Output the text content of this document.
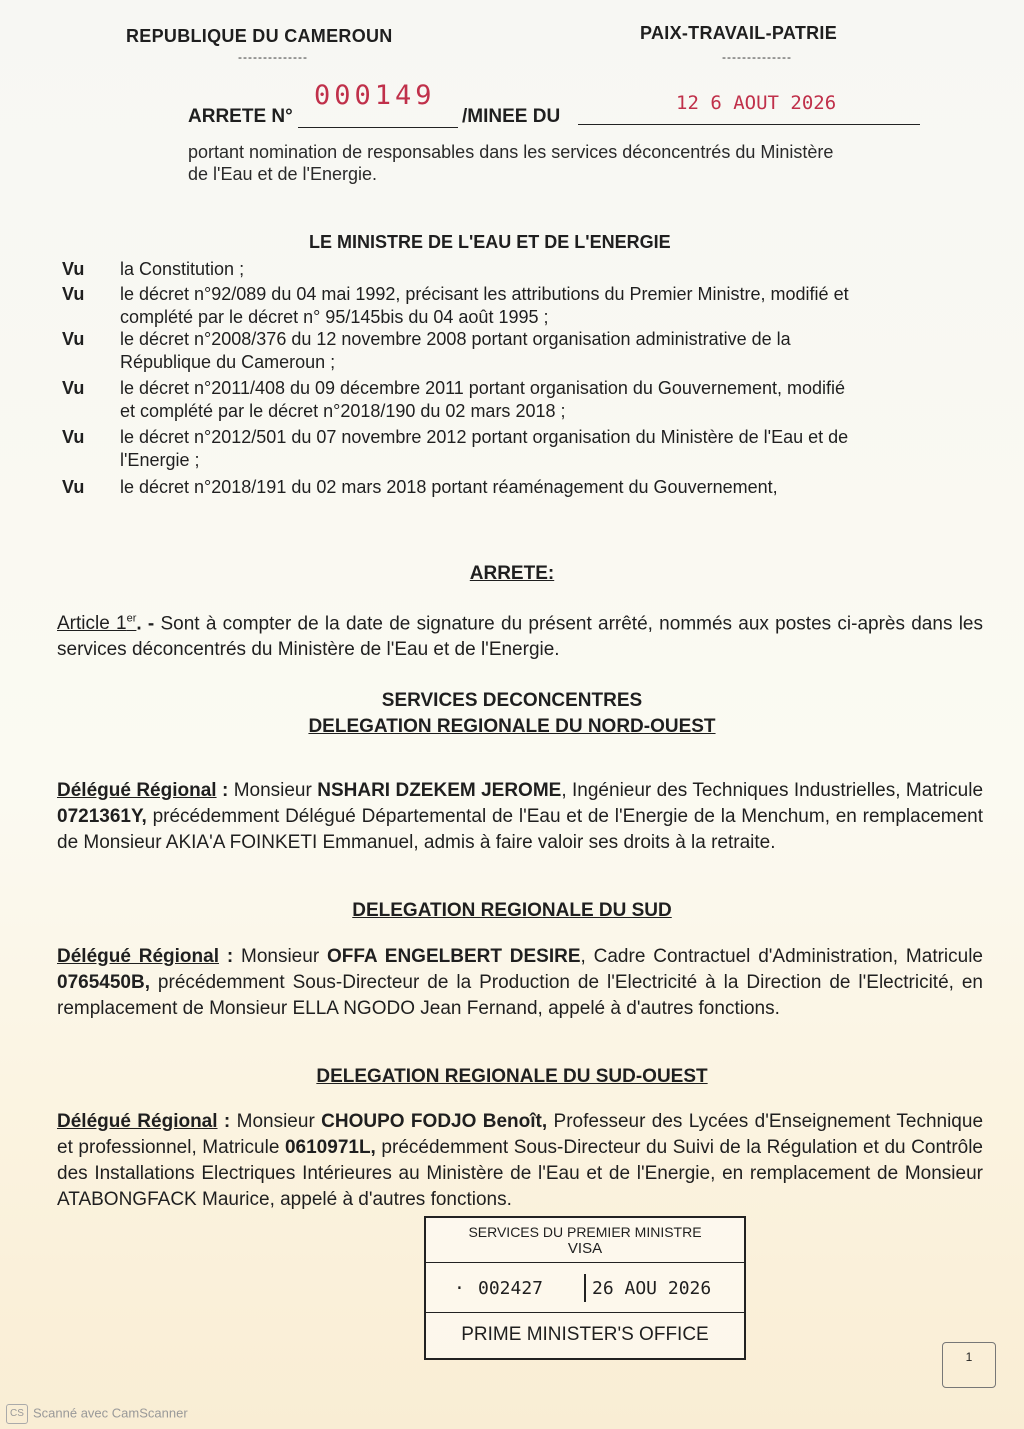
REPUBLIQUE DU CAMEROUN
--------------
PAIX-TRAVAIL-PATRIE
--------------
ARRETE N°
000149
/MINEE DU
12 6 AOUT 2026
portant nomination de responsables dans les services déconcentrés du Ministère
de l'Eau et de l'Energie.
LE MINISTRE DE L'EAU ET DE L'ENERGIE
Vu la Constitution ;
Vu le décret n°92/089 du 04 mai 1992, précisant les attributions du Premier Ministre, modifié et
complété par le décret n° 95/145bis du 04 août 1995 ;
Vu le décret n°2008/376 du 12 novembre 2008 portant organisation administrative de la
République du Cameroun ;
Vu le décret n°2011/408 du 09 décembre 2011 portant organisation du Gouvernement, modifié
et complété par le décret n°2018/190 du 02 mars 2018 ;
Vu le décret n°2012/501 du 07 novembre 2012 portant organisation du Ministère de l'Eau et de
l'Energie ;
Vu le décret n°2018/191 du 02 mars 2018 portant réaménagement du Gouvernement,
ARRETE:
Article 1er. - Sont à compter de la date de signature du présent arrêté, nommés aux postes ci-après dans les services déconcentrés du Ministère de l'Eau et de l'Energie.
SERVICES DECONCENTRES
DELEGATION REGIONALE DU NORD-OUEST
Délégué Régional : Monsieur NSHARI DZEKEM JEROME, Ingénieur des Techniques Industrielles, Matricule 0721361Y, précédemment Délégué Départemental de l'Eau et de l'Energie de la Menchum, en remplacement de Monsieur AKIA'A FOINKETI Emmanuel, admis à faire valoir ses droits à la retraite.
DELEGATION REGIONALE DU SUD
Délégué Régional : Monsieur OFFA ENGELBERT DESIRE, Cadre Contractuel d'Administration, Matricule 0765450B, précédemment Sous-Directeur de la Production de l'Electricité à la Direction de l'Electricité, en remplacement de Monsieur ELLA NGODO Jean Fernand, appelé à d'autres fonctions.
DELEGATION REGIONALE DU SUD-OUEST
Délégué Régional : Monsieur CHOUPO FODJO Benoît, Professeur des Lycées d'Enseignement Technique et professionnel, Matricule 0610971L, précédemment Sous-Directeur du Suivi de la Régulation et du Contrôle des Installations Electriques Intérieures au Ministère de l'Eau et de l'Energie, en remplacement de Monsieur ATABONGFACK Maurice, appelé à d'autres fonctions.
SERVICES DU PREMIER MINISTRE
VISA
· 002427	26 AOU 2026
PRIME MINISTER'S OFFICE
1
CS Scanné avec CamScanner
